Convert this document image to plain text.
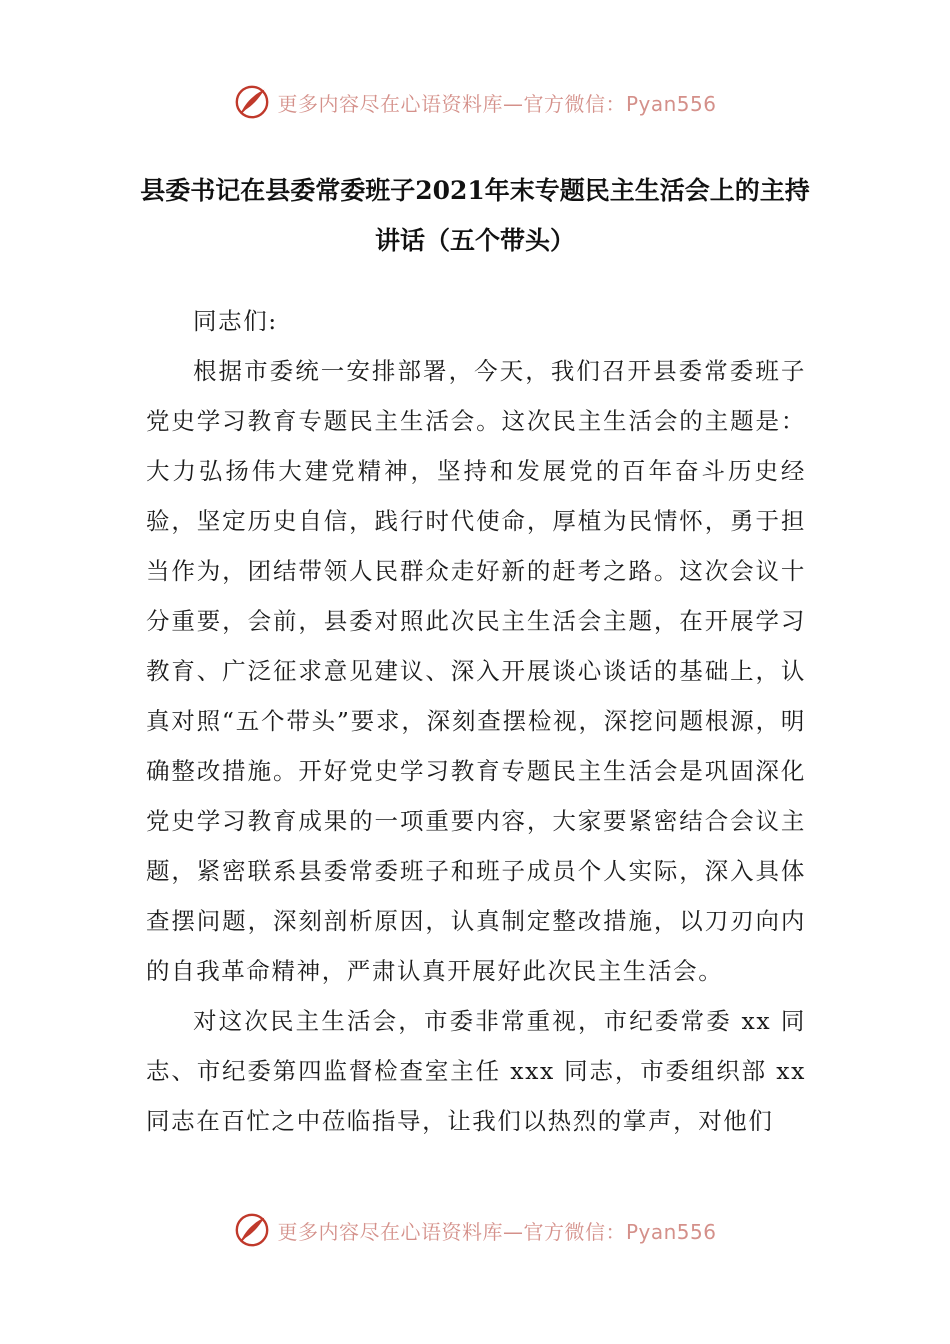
更多内容尽在心语资料库—官方微信：Pyan556
县委书记在县委常委班子2021年末专题民主生活会上的主持讲话（五个带头）

同志们:

根据市委统一安排部署，今天，我们召开县委常委班子党史学习教育专题民主生活会。这次民主生活会的主题是：大力弘扬伟大建党精神，坚持和发展党的百年奋斗历史经验，坚定历史自信，践行时代使命，厚植为民情怀，勇于担当作为，团结带领人民群众走好新的赶考之路。这次会议十分重要，会前，县委对照此次民主生活会主题，在开展学习教育、广泛征求意见建议、深入开展谈心谈话的基础上，认真对照“五个带头”要求，深刻查摆检视，深挖问题根源，明确整改措施。开好党史学习教育专题民主生活会是巩固深化党史学习教育成果的一项重要内容，大家要紧密结合会议主题，紧密联系县委常委班子和班子成员个人实际，深入具体查摆问题，深刻剖析原因，认真制定整改措施，以刀刃向内的自我革命精神，严肃认真开展好此次民主生活会。

对这次民主生活会，市委非常重视，市纪委常委 xx 同志、市纪委第四监督检查室主任 xxx 同志，市委组织部 xx 同志在百忙之中莅临指导，让我们以热烈的掌声，对他们

更多内容尽在心语资料库—官方微信：Pyan556
